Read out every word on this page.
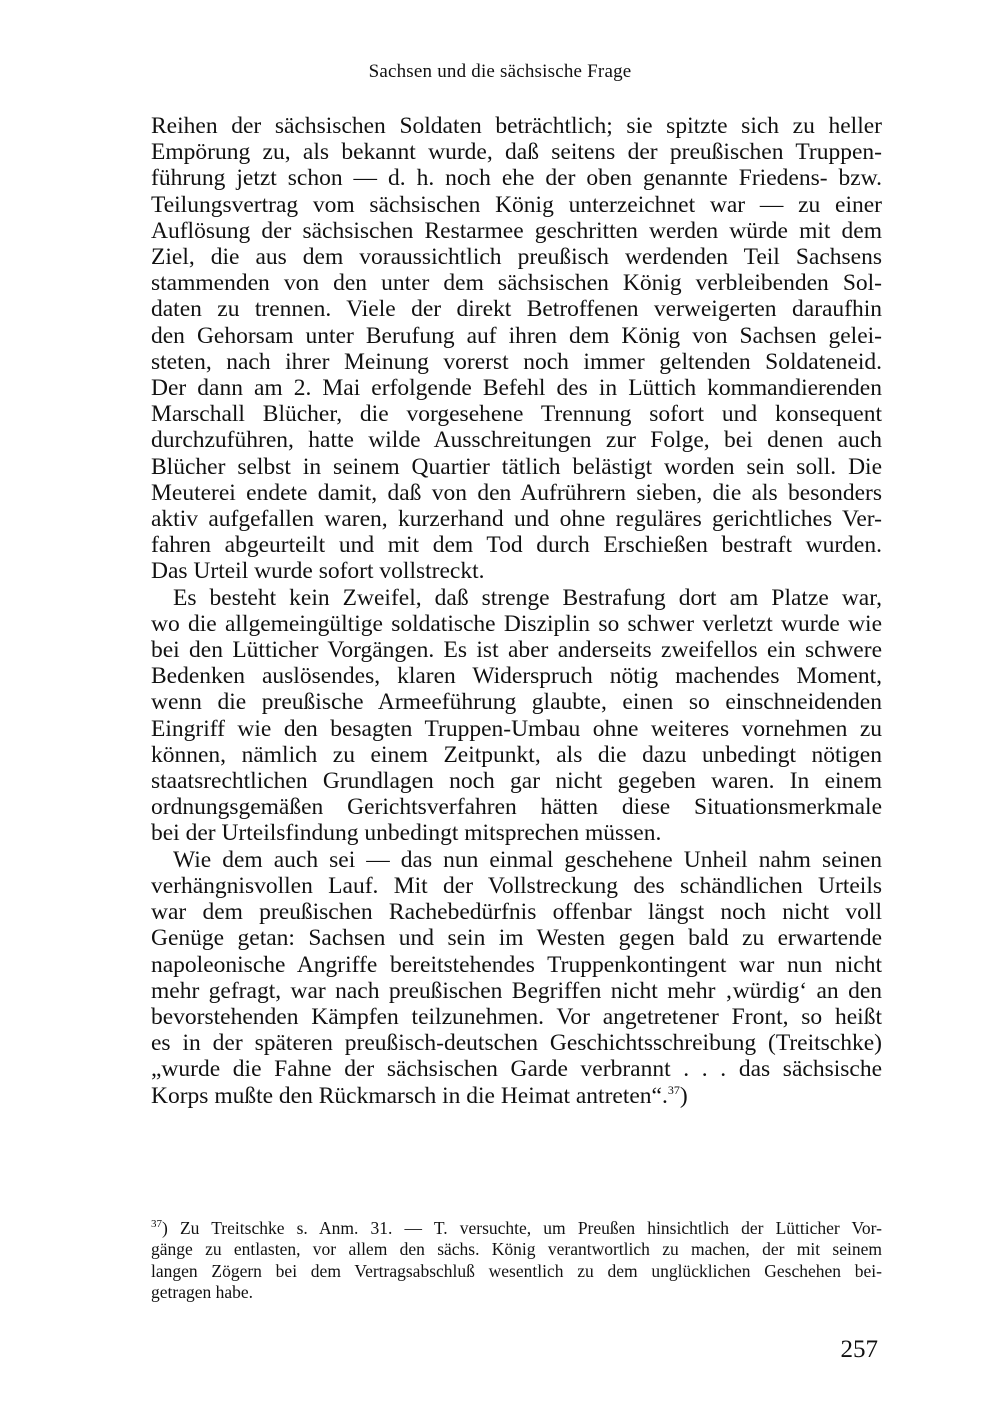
Sachsen und die sächsische Frage

Reihen der sächsischen Soldaten beträchtlich; sie spitzte sich zu heller
Empörung zu, als bekannt wurde, daß seitens der preußischen Truppen-
führung jetzt schon — d. h. noch ehe der oben genannte Friedens- bzw.
Teilungsvertrag vom sächsischen König unterzeichnet war — zu einer
Auflösung der sächsischen Restarmee geschritten werden würde mit dem
Ziel, die aus dem voraussichtlich preußisch werdenden Teil Sachsens
stammenden von den unter dem sächsischen König verbleibenden Sol-
daten zu trennen. Viele der direkt Betroffenen verweigerten daraufhin
den Gehorsam unter Berufung auf ihren dem König von Sachsen gelei-
steten, nach ihrer Meinung vorerst noch immer geltenden Soldateneid.
Der dann am 2. Mai erfolgende Befehl des in Lüttich kommandierenden
Marschall Blücher, die vorgesehene Trennung sofort und konsequent
durchzuführen, hatte wilde Ausschreitungen zur Folge, bei denen auch
Blücher selbst in seinem Quartier tätlich belästigt worden sein soll. Die
Meuterei endete damit, daß von den Aufrührern sieben, die als besonders
aktiv aufgefallen waren, kurzerhand und ohne reguläres gerichtliches Ver-
fahren abgeurteilt und mit dem Tod durch Erschießen bestraft wurden.
Das Urteil wurde sofort vollstreckt.

Es besteht kein Zweifel, daß strenge Bestrafung dort am Platze war,
wo die allgemeingültige soldatische Disziplin so schwer verletzt wurde wie
bei den Lütticher Vorgängen. Es ist aber anderseits zweifellos ein schwere
Bedenken auslösendes, klaren Widerspruch nötig machendes Moment,
wenn die preußische Armeeführung glaubte, einen so einschneidenden
Eingriff wie den besagten Truppen-Umbau ohne weiteres vornehmen zu
können, nämlich zu einem Zeitpunkt, als die dazu unbedingt nötigen
staatsrechtlichen Grundlagen noch gar nicht gegeben waren. In einem
ordnungsgemäßen Gerichtsverfahren hätten diese Situationsmerkmale
bei der Urteilsfindung unbedingt mitsprechen müssen.

Wie dem auch sei — das nun einmal geschehene Unheil nahm seinen
verhängnisvollen Lauf. Mit der Vollstreckung des schändlichen Urteils
war dem preußischen Rachebedürfnis offenbar längst noch nicht voll
Genüge getan: Sachsen und sein im Westen gegen bald zu erwartende
napoleonische Angriffe bereitstehendes Truppenkontingent war nun nicht
mehr gefragt, war nach preußischen Begriffen nicht mehr ‚würdig‘ an den
bevorstehenden Kämpfen teilzunehmen. Vor angetretener Front, so heißt
es in der späteren preußisch-deutschen Geschichtsschreibung (Treitschke)
„wurde die Fahne der sächsischen Garde verbrannt . . . das sächsische
Korps mußte den Rückmarsch in die Heimat antreten“.$^{37}$)

$^{37}$) Zu Treitschke s. Anm. 31. — T. versuchte, um Preußen hinsichtlich der Lütticher Vor-
gänge zu entlasten, vor allem den sächs. König verantwortlich zu machen, der mit seinem
langen Zögern bei dem Vertragsabschluß wesentlich zu dem unglücklichen Geschehen bei-
getragen habe.
257
